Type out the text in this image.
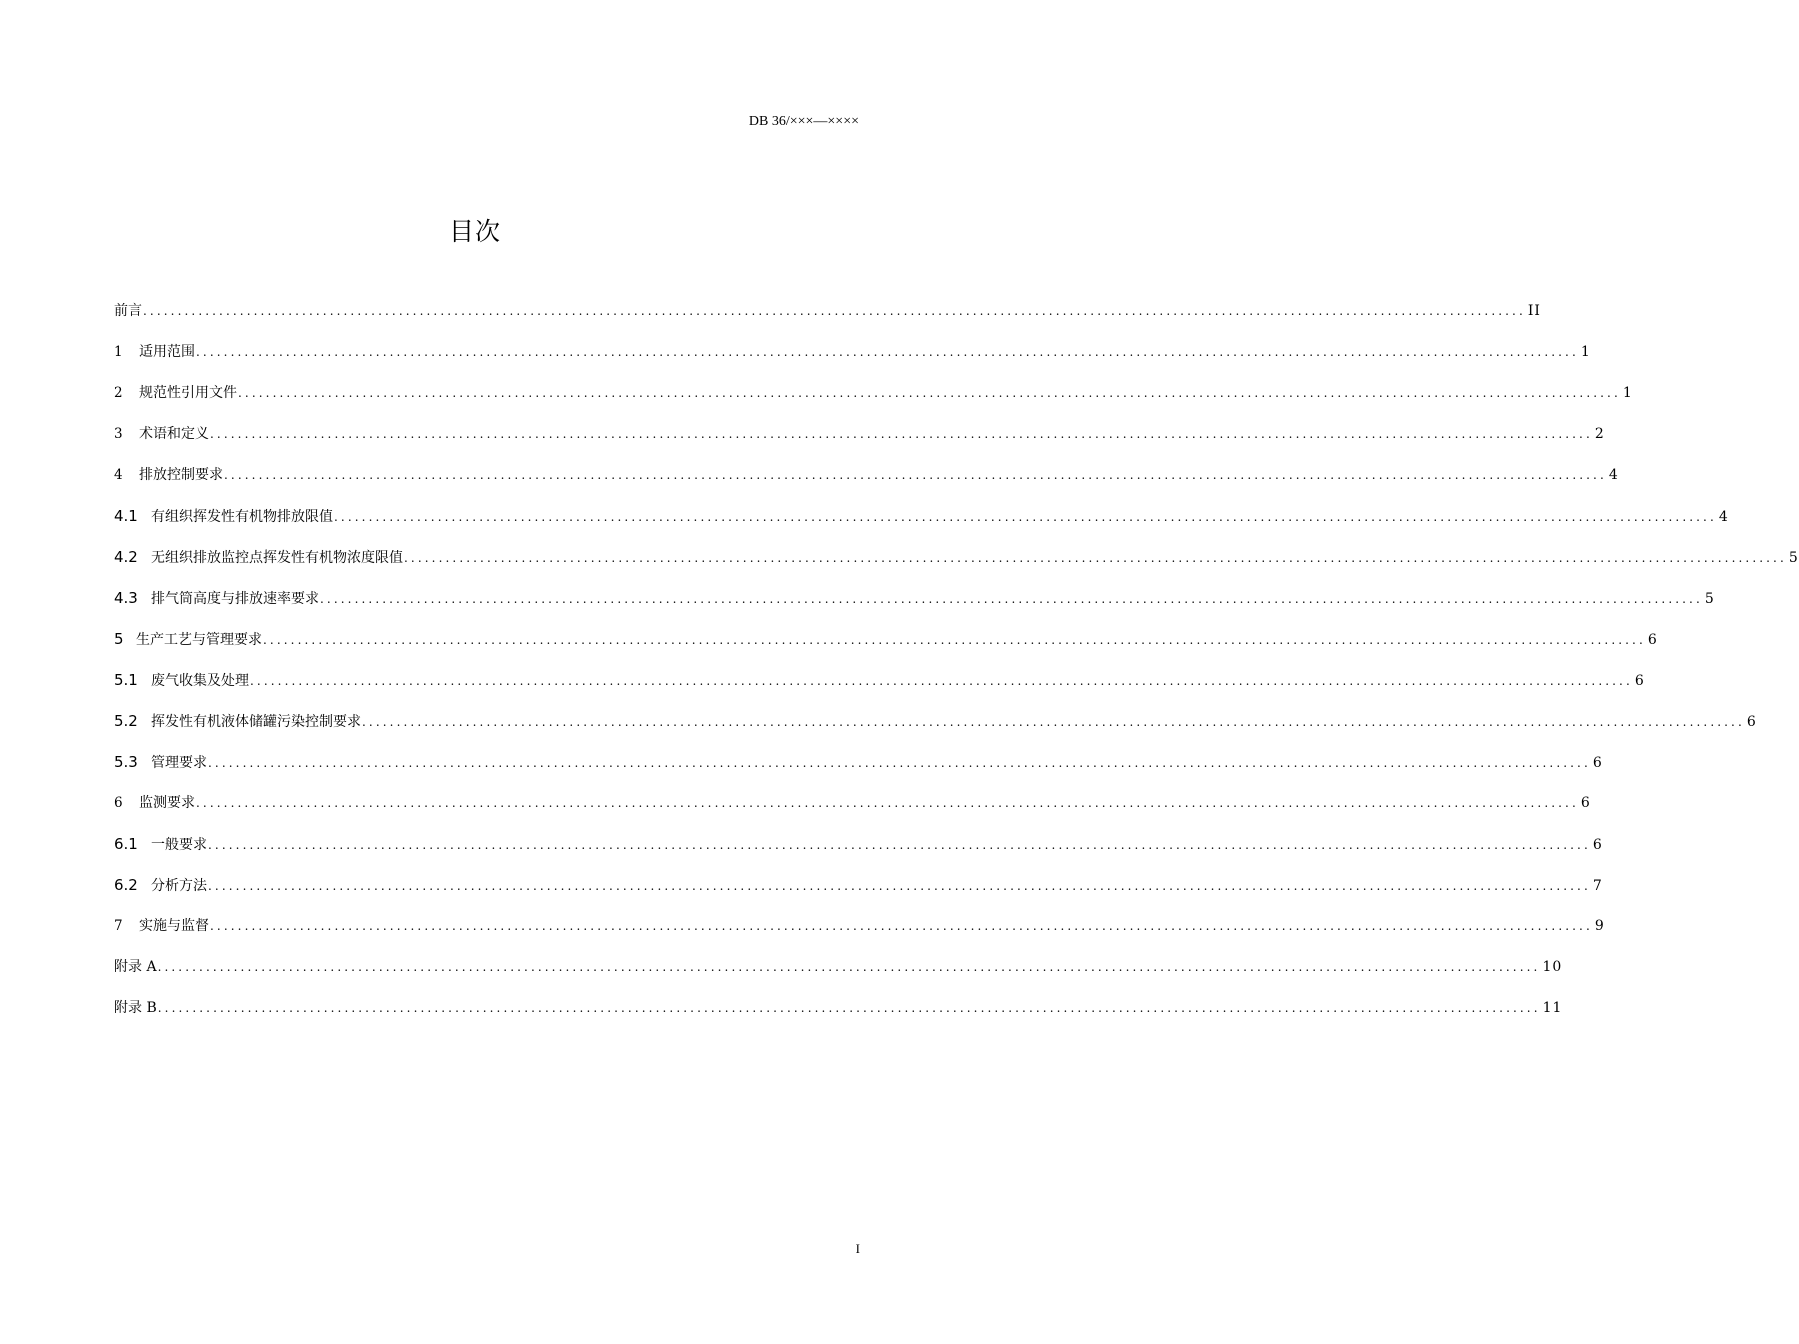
DB 36/×××—××××
目次
前言 ........................................................................................................................................................................................................ II
1	适用范围 ........................................................................................................................................................................................................ 1
2	规范性引用文件 ........................................................................................................................................................................................................ 1
3	术语和定义 ........................................................................................................................................................................................................ 2
4	排放控制要求 ........................................................................................................................................................................................................ 4
4.1 有组织挥发性有机物排放限值 ........................................................................................................................................................................................................ 4
4.2 无组织排放监控点挥发性有机物浓度限值 ........................................................................................................................................................................................................ 5
4.3 排气筒高度与排放速率要求 ........................................................................................................................................................................................................ 5
5 生产工艺与管理要求 ........................................................................................................................................................................................................ 6
5.1 废气收集及处理 ........................................................................................................................................................................................................ 6
5.2 挥发性有机液体储罐污染控制要求 ........................................................................................................................................................................................................ 6
5.3 管理要求 ........................................................................................................................................................................................................ 6
6	监测要求 ........................................................................................................................................................................................................ 6
6.1 一般要求 ........................................................................................................................................................................................................ 6
6.2 分析方法 ........................................................................................................................................................................................................ 7
7	实施与监督 ........................................................................................................................................................................................................ 9
附录 A ........................................................................................................................................................................................................ 10
附录 B ........................................................................................................................................................................................................ 11
I
